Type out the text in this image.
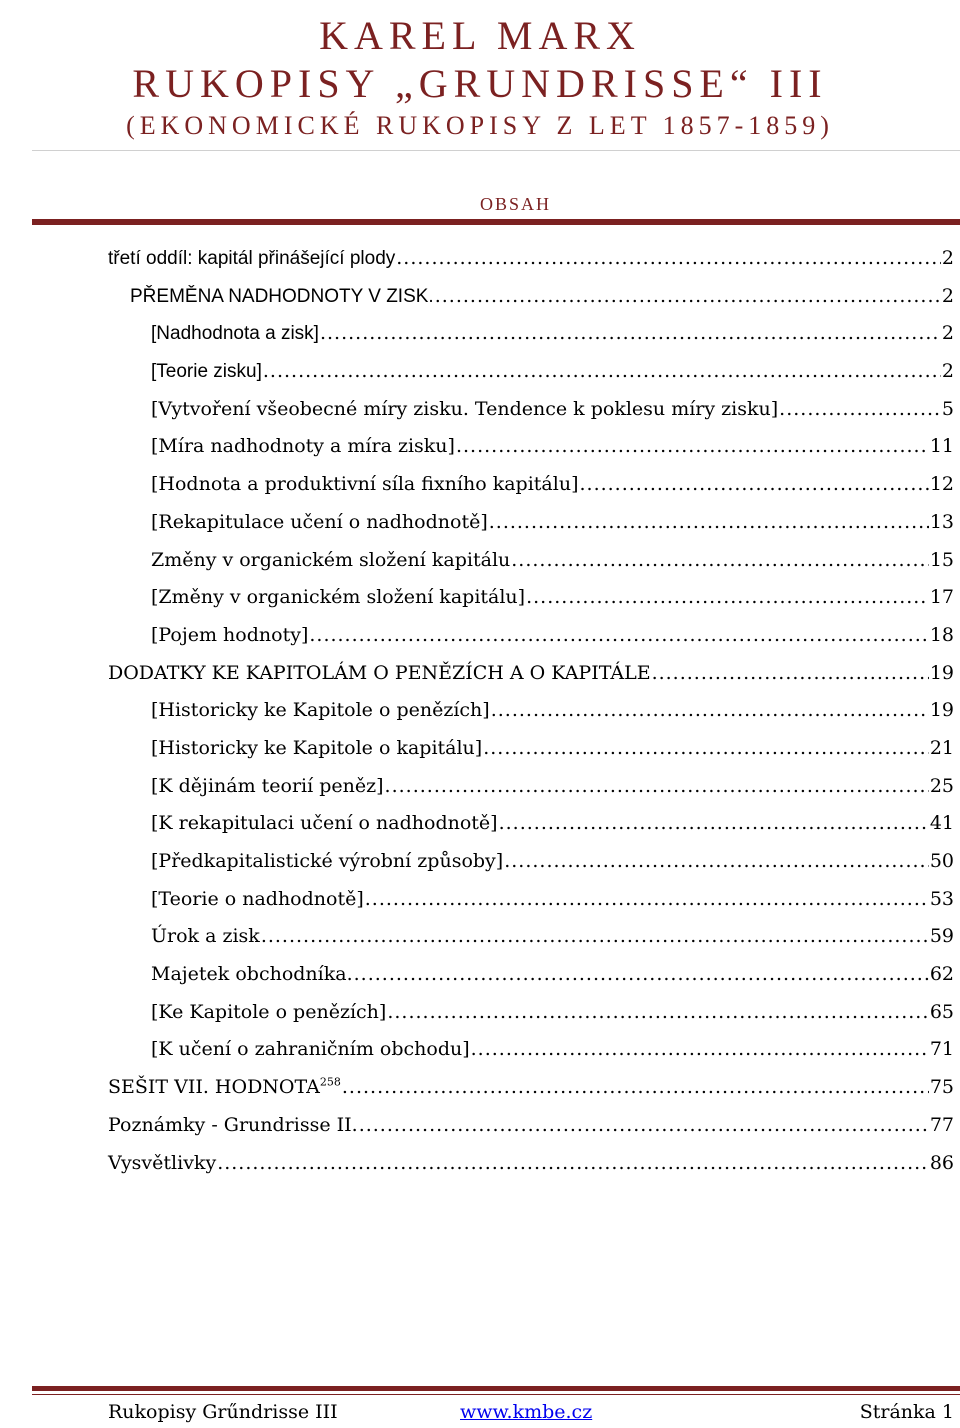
KAREL MARX
RUKOPISY „GRUNDRISSE“ III
(EKONOMICKÉ RUKOPISY Z LET 1857-1859)
OBSAH
třetí oddíl: kapitál přinášející plody .....	2
PŘEMĚNA NADHODNOTY V ZISK. .....	2
[Nadhodnota a zisk] .....	2
[Teorie zisku] .....	2
[Vytvoření všeobecné míry zisku. Tendence k poklesu míry zisku] .....	5
[Míra nadhodnoty a míra zisku] .....	11
[Hodnota a produktivní síla fixního kapitálu] .....	12
[Rekapitulace učení o nadhodnotě] .....	13
Změny v organickém složení kapitálu .....	15
[Změny v organickém složení kapitálu] .....	17
[Pojem hodnoty] .....	18
DODATKY KE KAPITOLÁM O PENĚZÍCH A O KAPITÁLE .....	19
[Historicky ke Kapitole o penězích] .....	19
[Historicky ke Kapitole o kapitálu] .....	21
[K dějinám teorií peněz] .....	25
[K rekapitulaci učení o nadhodnotě] .....	41
[Předkapitalistické výrobní způsoby] .....	50
[Teorie o nadhodnotě] .....	53
Úrok a zisk .....	59
Majetek obchodníka. .....	62
[Ke Kapitole o penězích] .....	65
[K učení o zahraničním obchodu] .....	71
SEŠIT VII. HODNOTA$^{258}$ .....	75
Poznámky - Grundrisse II. .....	77
Vysvětlivky .....	86
Rukopisy Grűndrisse III	www.kmbe.cz	Stránka 1
